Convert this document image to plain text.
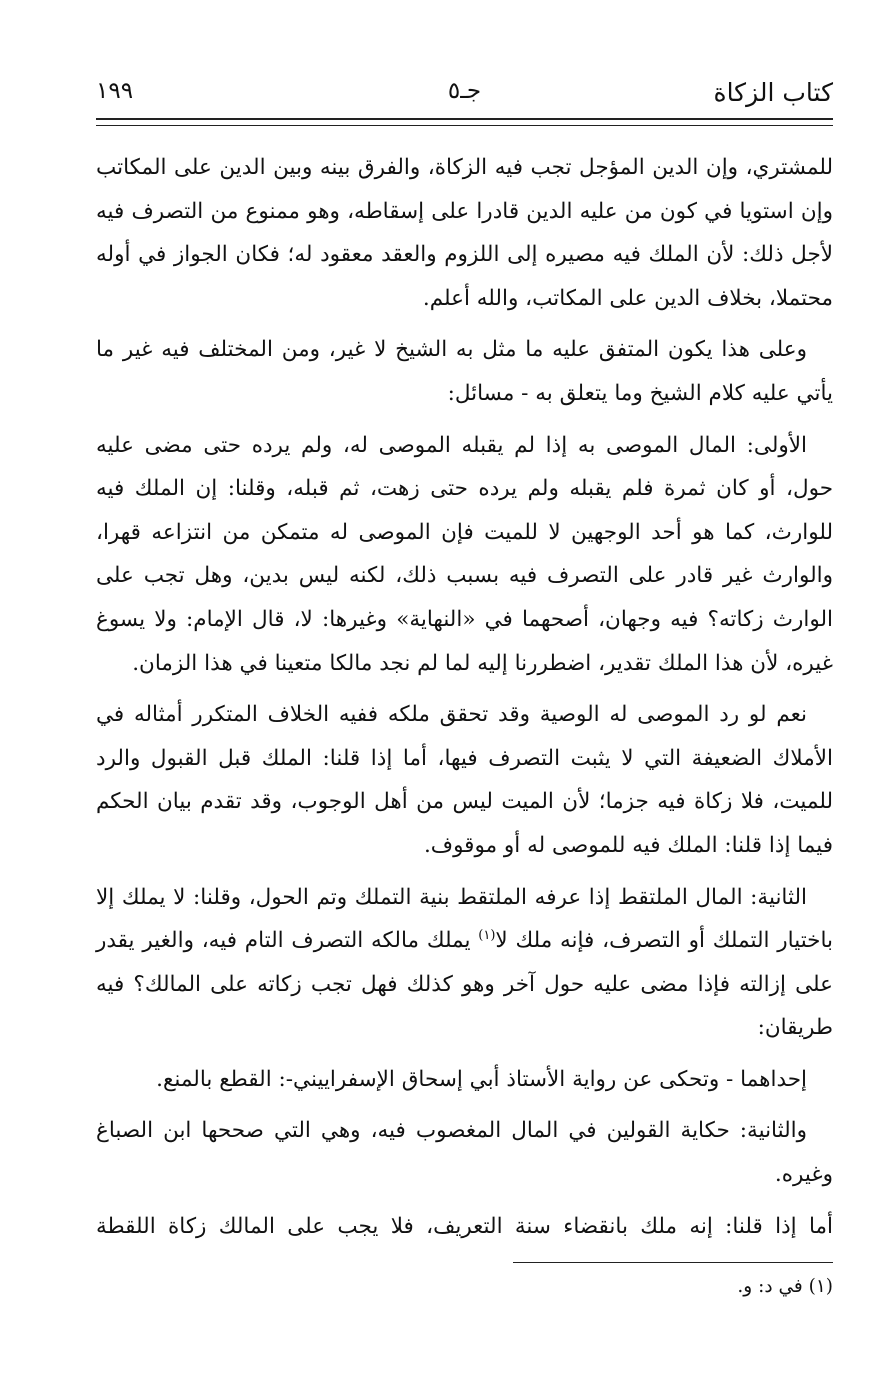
كتاب الزكاة
جـ٥
١٩٩

للمشتري، وإن الدين المؤجل تجب فيه الزكاة، والفرق بينه وبين الدين على المكاتب وإن استويا في كون من عليه الدين قادرا على إسقاطه، وهو ممنوع من التصرف فيه لأجل ذلك: لأن الملك فيه مصيره إلى اللزوم والعقد معقود له؛ فكان الجواز في أوله محتملا، بخلاف الدين على المكاتب، والله أعلم.

وعلى هذا يكون المتفق عليه ما مثل به الشيخ لا غير، ومن المختلف فيه غير ما يأتي عليه كلام الشيخ وما يتعلق به - مسائل:

الأولى: المال الموصى به إذا لم يقبله الموصى له، ولم يرده حتى مضى عليه حول، أو كان ثمرة فلم يقبله ولم يرده حتى زهت، ثم قبله، وقلنا: إن الملك فيه للوارث، كما هو أحد الوجهين لا للميت فإن الموصى له متمكن من انتزاعه قهرا، والوارث غير قادر على التصرف فيه بسبب ذلك، لكنه ليس بدين، وهل تجب على الوارث زكاته؟ فيه وجهان، أصحهما في «النهاية» وغيرها: لا، قال الإمام: ولا يسوغ غيره، لأن هذا الملك تقدير، اضطررنا إليه لما لم نجد مالكا متعينا في هذا الزمان.

نعم لو رد الموصى له الوصية وقد تحقق ملكه ففيه الخلاف المتكرر أمثاله في الأملاك الضعيفة التي لا يثبت التصرف فيها، أما إذا قلنا: الملك قبل القبول والرد للميت، فلا زكاة فيه جزما؛ لأن الميت ليس من أهل الوجوب، وقد تقدم بيان الحكم فيما إذا قلنا: الملك فيه للموصى له أو موقوف.

الثانية: المال الملتقط إذا عرفه الملتقط بنية التملك وتم الحول، وقلنا: لا يملك إلا باختيار التملك أو التصرف، فإنه ملك لا$^{(١)}$ يملك مالكه التصرف التام فيه، والغير يقدر على إزالته فإذا مضى عليه حول آخر وهو كذلك فهل تجب زكاته على المالك؟ فيه طريقان:

إحداهما - وتحكى عن رواية الأستاذ أبي إسحاق الإسفراييني-: القطع بالمنع.

والثانية: حكاية القولين في المال المغصوب فيه، وهي التي صححها ابن الصباغ وغيره.

أما إذا قلنا: إنه ملك بانقضاء سنة التعريف، فلا يجب على المالك زكاة اللقطة

(١) في د: و.
